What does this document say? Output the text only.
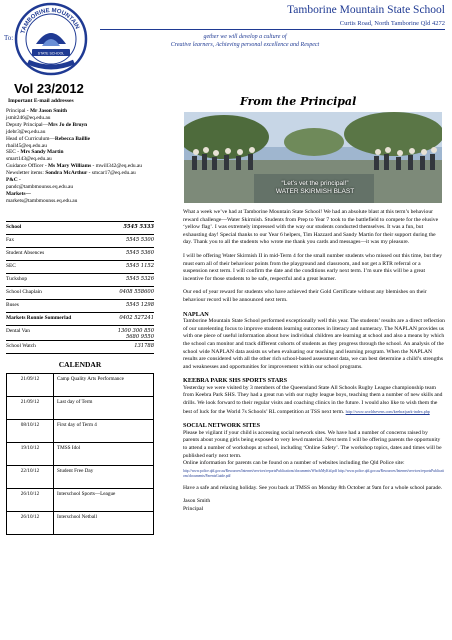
TAMBORINE MOUNTAIN
STATE SCHOOL
Tamborine Mountain State School
Curtis Road, North Tamborine Qld 4272
To:	gether we will develop a culture of
Creative learners, Achieving personal excellence and Respect
Vol 23/2012
Important E-mail addresses
Principal - Mr Jason Smith
jsmit246@eq.edu.au
Deputy Principal—Mrs Jo de Bruyn
jdebr3@eq.edu.au
Head of Curriculum—Rebecca Baillie
rbail45@eq.edu.au
SEC - Mrs Sandy Martin
smart143@eq.edu.au
Guidance Officer - Ms Mary Williams - mwill342@eq.edu.au
Newsletter items: Sondra McArthur - smcar17@eq.edu.au
P&C -
pandc@tambmounss.eq.edu.au
Markets—
markets@tambmounss.eq.edu.au
School	5545 5333
Fax	5545 5300
Student Absences	5545 5360
SEC	5545 1152
Tuckshop	5545 5326
School Chaplain	0408 558600
Buses	5545 1298
Markets Ronnie Sommerlad	0402 527241
Dental Van	1300 300 850 5680 9550
School Watch	131788
CALENDAR
21/09/12	Camp Quality Arts Performance
21/09/12	Last day of Term
08/10/12	First day of Term 4
19/10/12	TMSS Idol
22/10/12	Student Free Day
26/10/12	Interschool Sports—League
26/10/12	Interschool Netball
From the Principal
“Let’s vet the principal!”
WATER SKIRMISH BLAST

What a week we’ve had at Tamborine Mountain State School! We had an absolute blast at this term’s behaviour reward challenge—Water Skirmish. Students from Prep to Year 7 took to the battlefield to compete for the elusive ‘yellow flag’. I was extremely impressed with the way our students conducted themselves. It was a fun, but exhausting day! Special thanks to our Year 6 helpers, Tim Hazzard and Sandy Martin for their support during the day. Thank you to all the students who wrote me thank you cards and messages—it was my pleasure.

I will be offering Water Skirmish II in mid-Term 4 for the small number students who missed out this time, but they must earn all of their behaviour points from the playground and classroom, and not get a RTR referral or a suspension next term. I will confirm the date and the conditions early next term. I’m sure this will be a great incentive for those students to be safe, respectful and a great learner.

Our end of year reward for students who have achieved their Gold Certificate without any blemishes on their behaviour record will be announced next term.

NAPLAN

Tamborine Mountain State School performed exceptionally well this year. The students’ results are a direct reflection of our unrelenting focus to improve students learning outcomes in literacy and numeracy. The NAPLAN provides us with one piece of useful information about how individual children are learning at school and also a means by which the school can monitor and track different cohorts of students as they progress through the school. An analysis of the school wide NAPLAN data assists us when evaluating our teaching and learning program. When the NAPLAN results are considered with all the other rich school-based assessment data, we can best determine a child’s strengths and weaknesses and opportunities for improvement within our school programs.

KEEBRA PARK SHS SPORTS STARS

Yesterday we were visited by 3 members of the Queensland State All Schools Rugby League championship team from Keebra Park SHS. They had a great run with our rugby league boys, teaching them a number of new skills and drills. We look forward to their regular visits and coaching clinics in the future. I would also like to wish them the best of luck for the World 7s Schools’ RL competition at TSS next term. http://www.worldsevens.com/keebra/park-index.php

SOCIAL NETWORK SITES

Please be vigilant if your child is accessing social network sites. We have had a number of concerns raised by parents about young girls being exposed to very lewd material. Next term I will be offering parents the opportunity to attend a number of workshops at school, including ‘Online Safety’. The workshop topics, dates and times will be published early next term.
Online information for parents can be found on a number of websites including the Qld Police site:

http://www.police.qld.gov.au/Resources/Internet/services/reportsPublications/documents/WhoIsMyKid.pdf http://www.police.qld.gov.au/Resources/Internet/services/reportsPublications/documents/ParentsGuide.pdf

Have a safe and relaxing holiday. See you back at TMSS on Monday 8th October at 9am for a whole school parade.

Jason Smith
Principal
